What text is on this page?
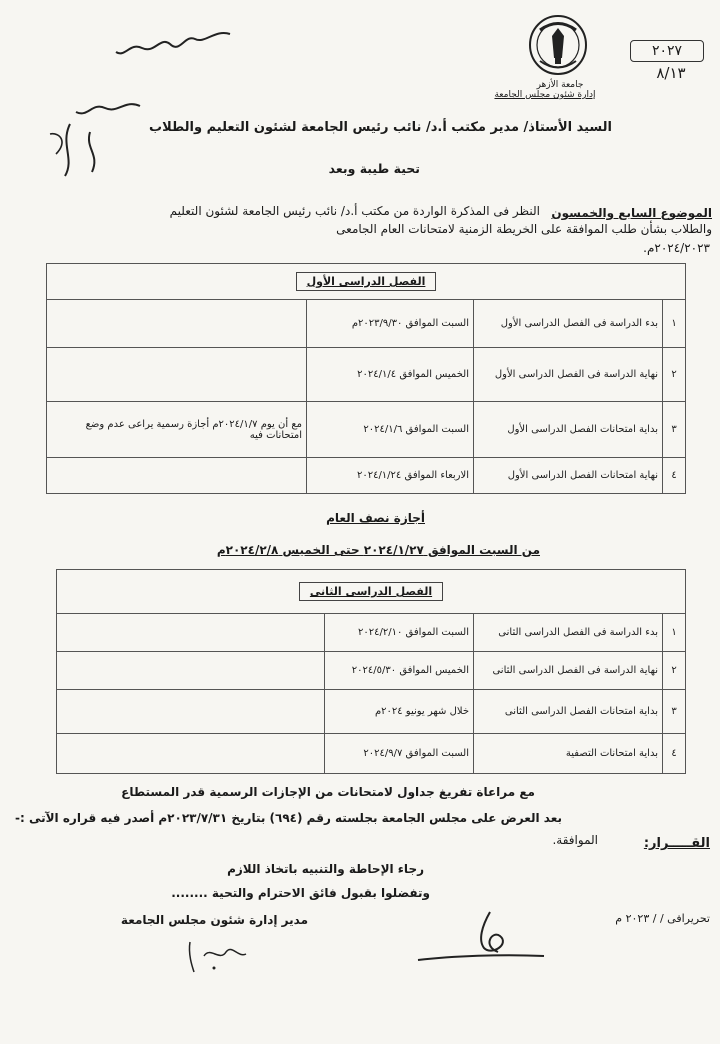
جامعة الأزهر
إدارة شئون مجلس الجامعة
٢٠٢٧
٨/١٣
السيد الأستاذ/ مدير مكتب أ.د/ نائب رئيس الجامعة لشئون التعليم والطلاب
تحية طيبة وبعد
الموضوع السابع والخمسون
النظر فى المذكرة الواردة من مكتب أ.د/ نائب رئيس الجامعة لشئون التعليم
والطلاب بشأن طلب الموافقة على الخريطة الزمنية لامتحانات العام الجامعى
٢٠٢٤/٢٠٢٣م.
الفصل الدراسى الأول			
١	بدء الدراسة فى الفصل الدراسى الأول	السبت الموافق ٢٠٢٣/٩/٣٠م	
٢	نهاية الدراسة فى الفصل الدراسى الأول	الخميس الموافق ٢٠٢٤/١/٤	
٣	بداية امتحانات الفصل الدراسى الأول	السبت الموافق ٢٠٢٤/١/٦	مع أن يوم ٢٠٢٤/١/٧م أجازة رسمية يراعى عدم وضع امتحانات فيه
٤	نهاية امتحانات الفصل الدراسى الأول	الاربعاء الموافق ٢٠٢٤/١/٢٤	
أجازة نصف العام
من السبت الموافق ٢٠٢٤/١/٢٧ حتى الخميس ٢٠٢٤/٢/٨م
الفصل الدراسى الثانى			
١	بدء الدراسة فى الفصل الدراسى الثانى	السبت الموافق ٢٠٢٤/٢/١٠	
٢	نهاية الدراسة فى الفصل الدراسى الثانى	الخميس الموافق ٢٠٢٤/٥/٣٠	
٣	بداية امتحانات الفصل الدراسى الثانى	خلال شهر يونيو ٢٠٢٤م	
٤	بداية امتحانات التصفية	السبت الموافق ٢٠٢٤/٩/٧	
مع مراعاة تفريغ جداول لامتحانات من الإجازات الرسمية قدر المستطاع
بعد العرض على مجلس الجامعة بجلسته رقم (٦٩٤) بتاريخ ٢٠٢٣/٧/٣١م أصدر فيه قراره الآتى :-
القـــــرار:
الموافقة.
رجاء الإحاطة والتنبيه باتخاذ اللازم
وتفضلوا بقبول فائق الاحترام والتحية ........
تحريرافى / / ٢٠٢٣ م
مدير إدارة شئون مجلس الجامعة
